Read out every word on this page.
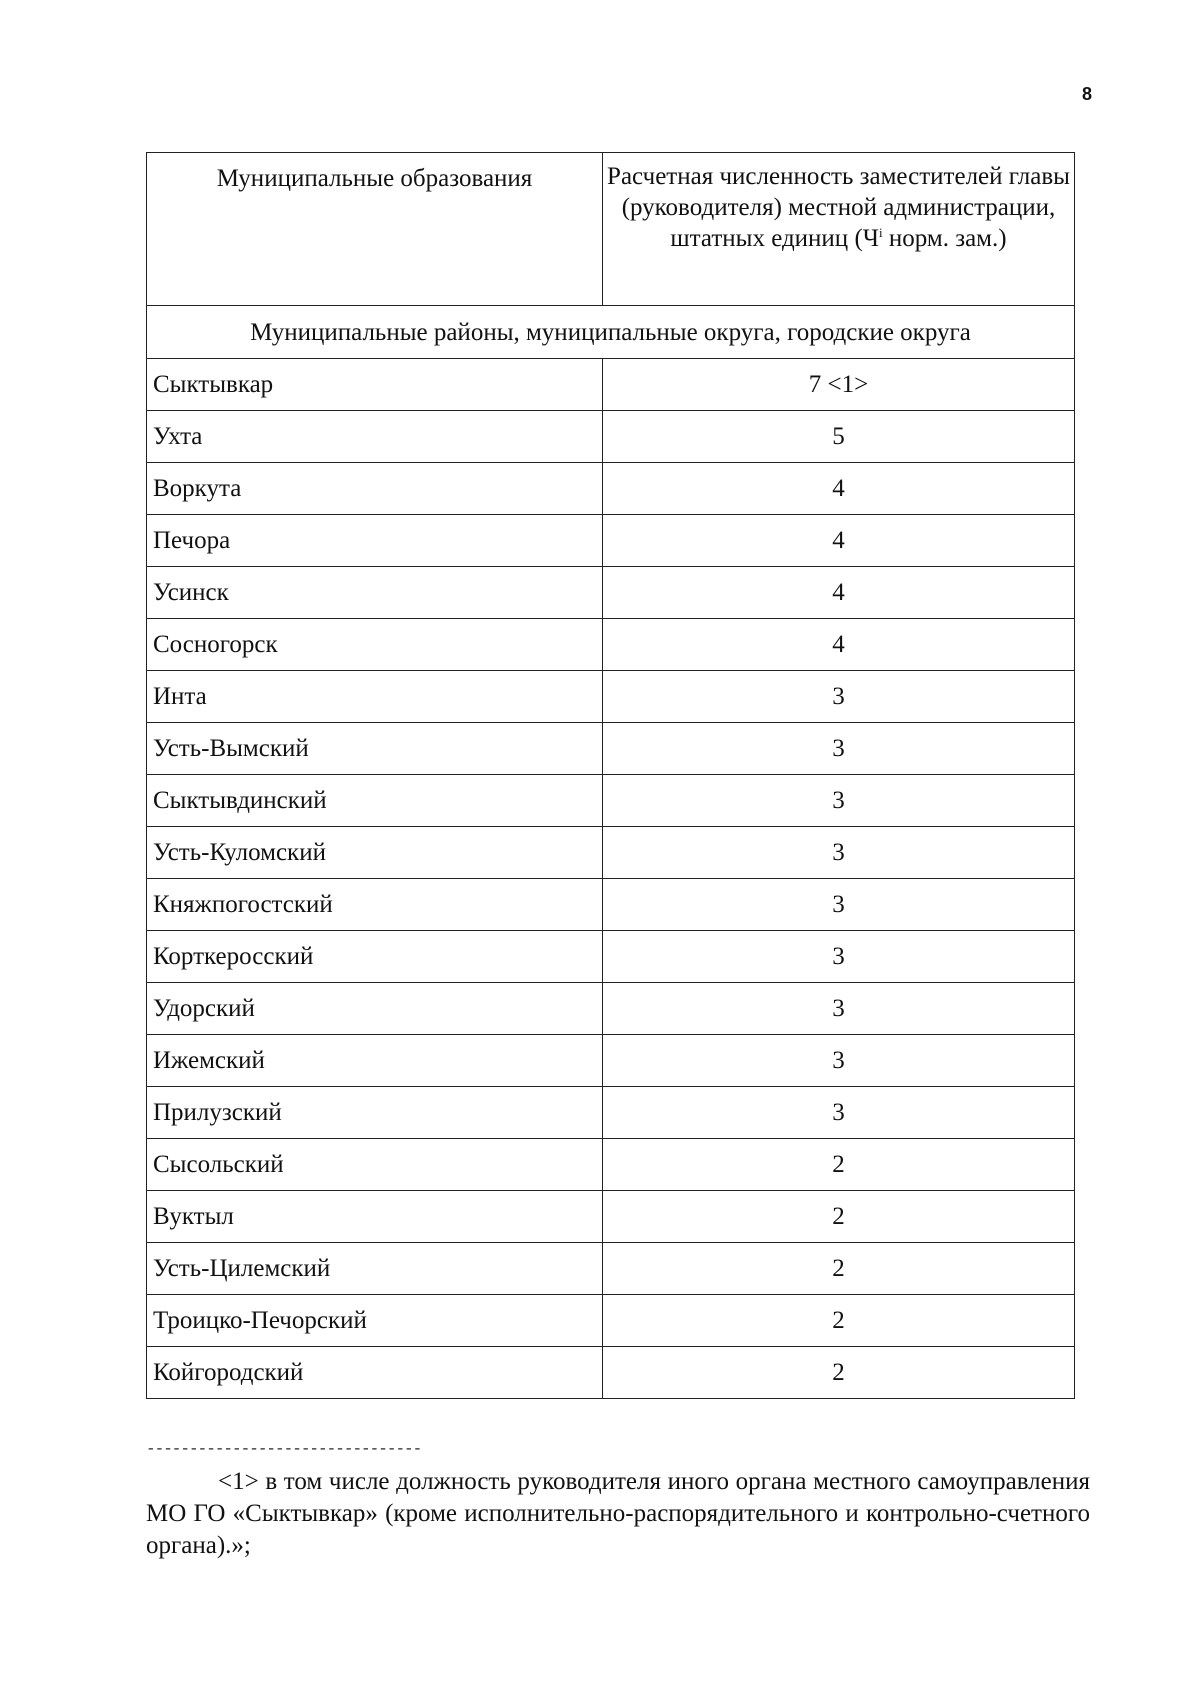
8
Муниципальные образования	Расчетная численность заместителей главы (руководителя) местной администрации, штатных единиц ($Ч^i$ норм. зам.)
Муниципальные районы, муниципальные округа, городские округа	
Сыктывкар	7 <1>
Ухта	5
Воркута	4
Печора	4
Усинск	4
Сосногорск	4
Инта	3
Усть-Вымский	3
Сыктывдинский	3
Усть-Куломский	3
Княжпогостский	3
Корткеросский	3
Удорский	3
Ижемский	3
Прилузский	3
Сысольский	2
Вуктыл	2
Усть-Цилемский	2
Троицко-Печорский	2
Койгородский	2
--------------------------------
<1> в том числе должность руководителя иного органа местного самоуправления МО ГО «Сыктывкар» (кроме исполнительно-распорядительного и контрольно-счетного органа).»;
